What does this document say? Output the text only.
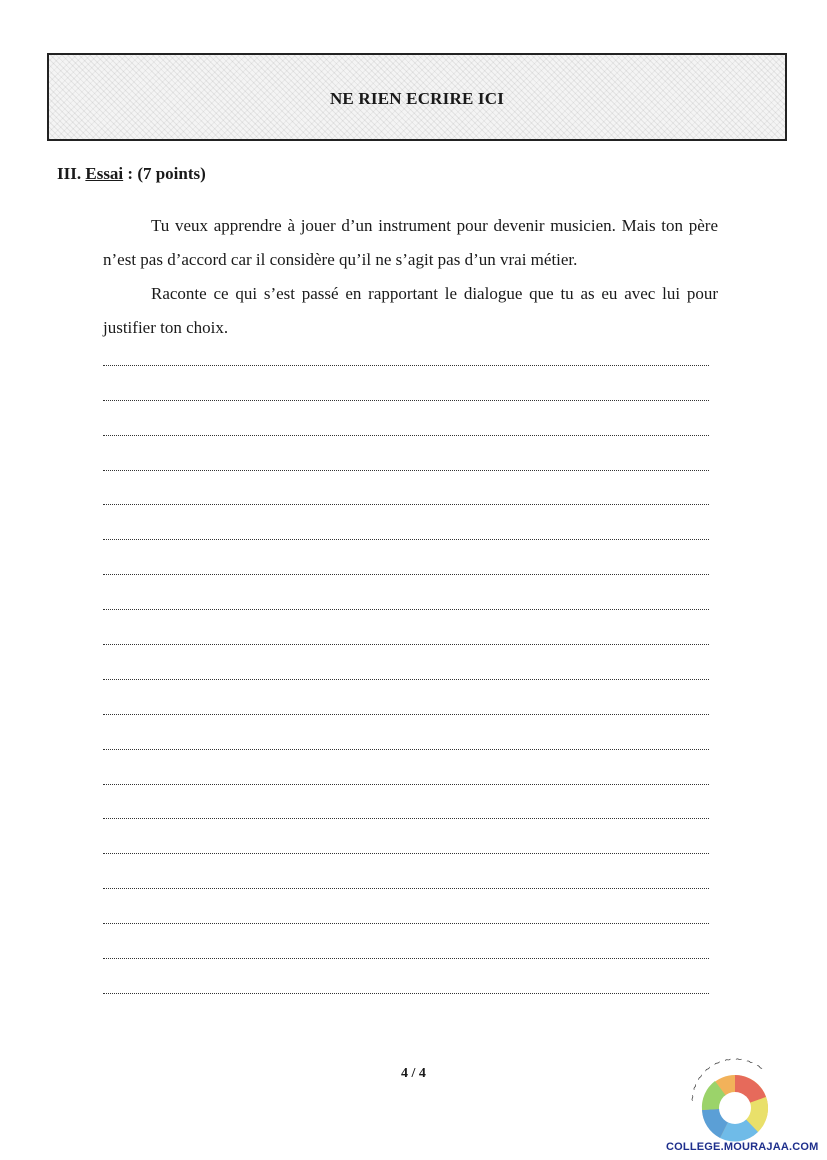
NE RIEN ECRIRE ICI
III. Essai : (7 points)

Tu veux apprendre à jouer d’un instrument pour devenir musicien. Mais ton père n’est pas d’accord car il considère qu’il ne s’agit pas d’un vrai métier.

Raconte ce qui s’est passé en rapportant le dialogue que tu as eu avec lui pour justifier ton choix.

4 / 4
~ ~ ~ ~ ~ ~ ~ ~ ~
COLLEGE.MOURAJAA.COM
